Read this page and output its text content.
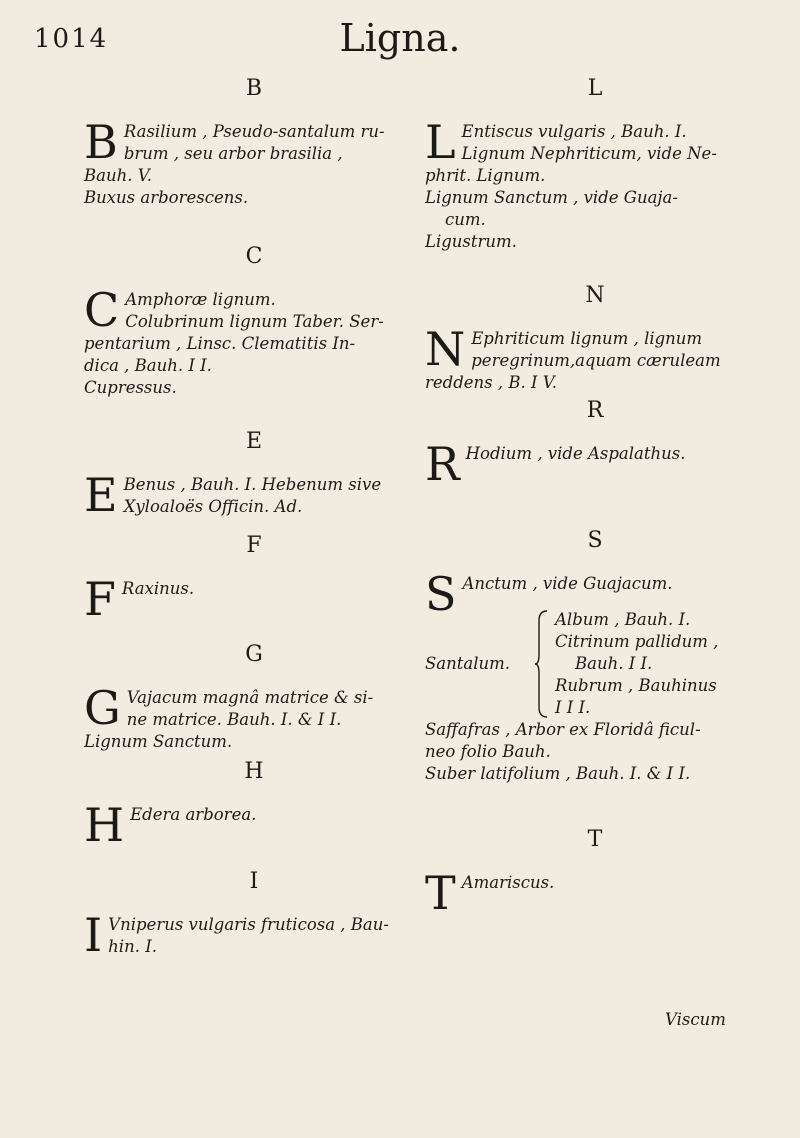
1014	Ligna.
B
B Rasilium , Pseudo-santalum ru-
brum , seu arbor brasilia ,
Bauh. V.
Buxus arborescens.
C
C Amphoræ lignum.
Colubrinum lignum Taber. Ser-
pentarium , Linsc. Clematitis In-
dica , Bauh. I I.
Cupressus.
E
E Benus , Bauh. I. Hebenum sive
Xyloaloës Officin. Ad.
F
F Raxinus.
G
G Vajacum magnâ matrice & si-
ne matrice. Bauh. I. & I I.
Lignum Sanctum.
H
H Edera arborea.
I
I Vniperus vulgaris fruticosa , Bau-
hin. I.
L
L Entiscus vulgaris , Bauh. I.
Lignum Nephriticum, vide Ne-
phrit. Lignum.
Lignum Sanctum , vide Guaja-
cum.
Ligustrum.
N
N Ephriticum lignum , lignum
peregrinum,aquam cæruleam
reddens , B. I V.
R
R Hodium , vide Aspalathus.
S
S Anctum , vide Guajacum.
Santalum.
Album , Bauh. I.
Citrinum pallidum ,
Bauh. I I.
Rubrum , Bauhinus
I I I.
Saffafras , Arbor ex Floridâ ficul-
neo folio Bauh.
Suber latifolium , Bauh. I. & I I.
T
T Amariscus.
Viscum
